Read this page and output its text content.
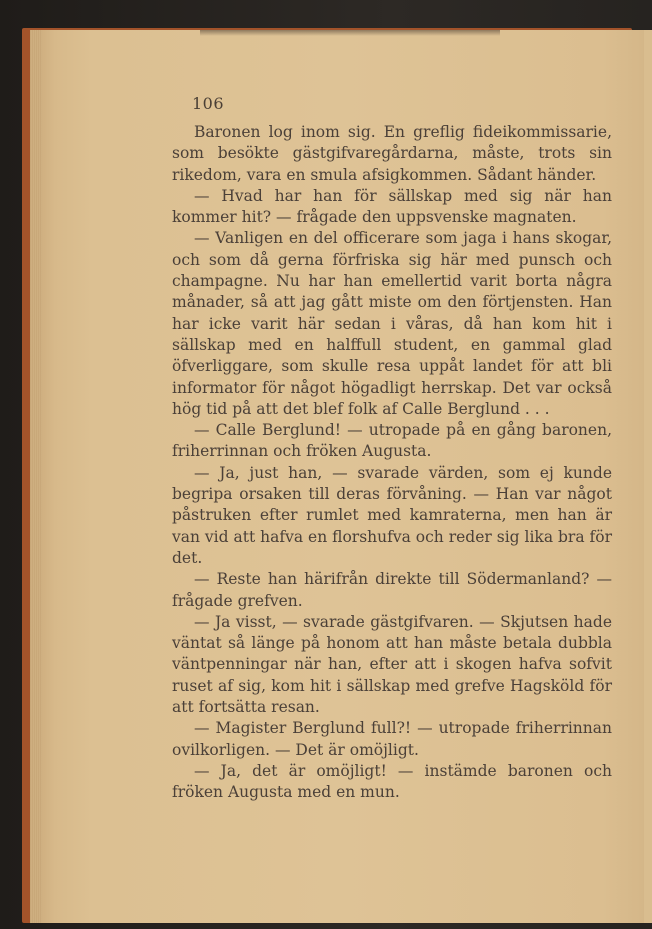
106

Baronen log inom sig. En greflig fideikommissarie, som besökte gästgifvaregårdarna, måste, trots sin rikedom, vara en smula afsigkommen. Sådant händer.

— Hvad har han för sällskap med sig när han kommer hit? — frågade den uppsvenske magnaten.

— Vanligen en del officerare som jaga i hans skogar, och som då gerna förfriska sig här med punsch och champagne. Nu har han emellertid varit borta några månader, så att jag gått miste om den förtjensten. Han har icke varit här sedan i våras, då han kom hit i sällskap med en halffull student, en gammal glad öfverliggare, som skulle resa uppåt landet för att bli informator för något högadligt herrskap. Det var också hög tid på att det blef folk af Calle Berglund . . .

— Calle Berglund! — utropade på en gång baronen, friherrinnan och fröken Augusta.

— Ja, just han, — svarade värden, som ej kunde begripa orsaken till deras förvåning. — Han var något påstruken efter rumlet med kamraterna, men han är van vid att hafva en florshufva och reder sig lika bra för det.

— Reste han härifrån direkte till Södermanland? — frågade grefven.

— Ja visst, — svarade gästgifvaren. — Skjutsen hade väntat så länge på honom att han måste betala dubbla väntpenningar när han, efter att i skogen hafva sofvit ruset af sig, kom hit i sällskap med grefve Hagsköld för att fortsätta resan.

— Magister Berglund full?! — utropade friherrinnan ovilkorligen. — Det är omöjligt.

— Ja, det är omöjligt! — instämde baronen och fröken Augusta med en mun.
